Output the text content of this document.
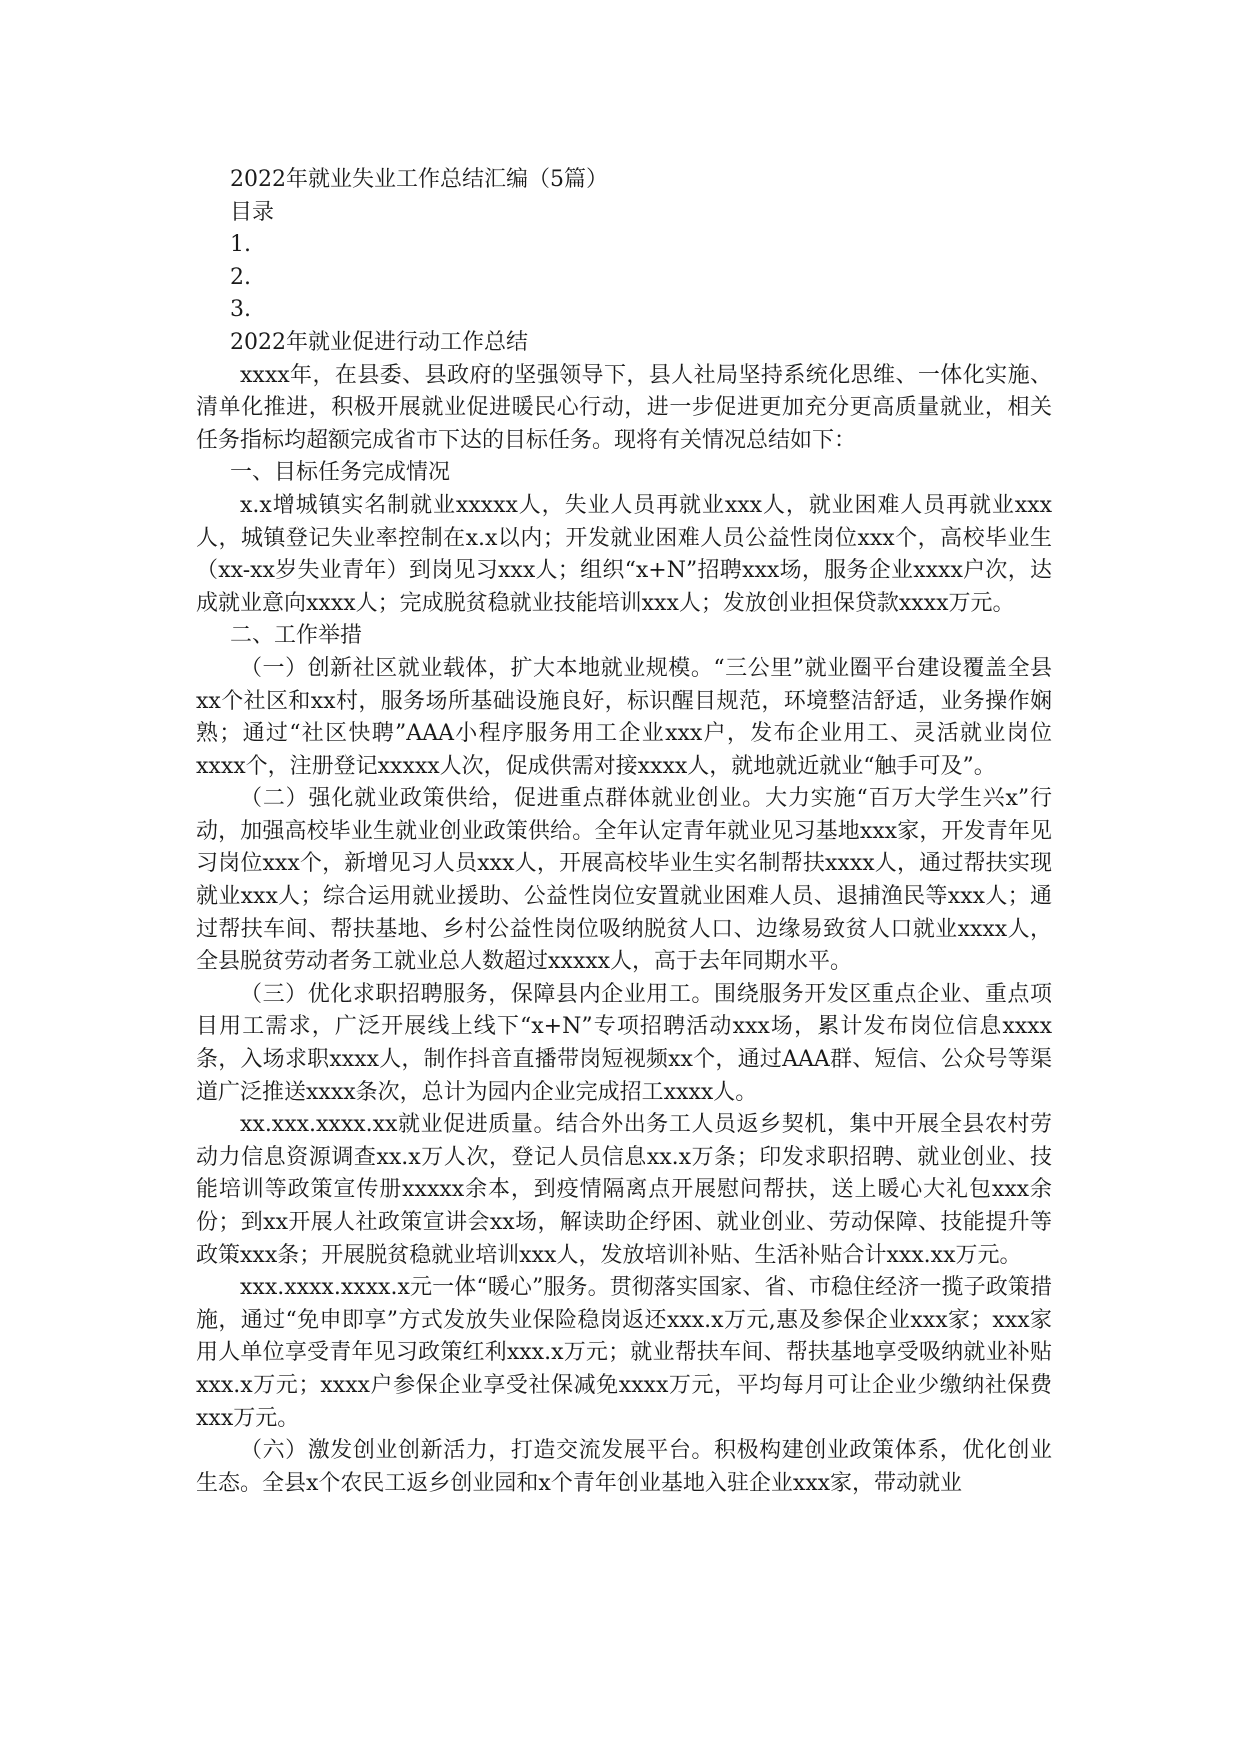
2022年就业失业工作总结汇编（5篇）

目录

1.

2.

3.

2022年就业促进行动工作总结

xxxx年，在县委、县政府的坚强领导下，县人社局坚持系统化思维、一体化实施、清单化推进，积极开展就业促进暖民心行动，进一步促进更加充分更高质量就业，相关任务指标均超额完成省市下达的目标任务。现将有关情况总结如下：

一、目标任务完成情况

x.x增城镇实名制就业xxxxx人，失业人员再就业xxx人，就业困难人员再就业xxx人，城镇登记失业率控制在x.x以内；开发就业困难人员公益性岗位xxx个，高校毕业生（xx-xx岁失业青年）到岗见习xxx人；组织“x+N”招聘xxx场，服务企业xxxx户次，达成就业意向xxxx人；完成脱贫稳就业技能培训xxx人；发放创业担保贷款xxxx万元。

二、工作举措

（一）创新社区就业载体，扩大本地就业规模。“三公里”就业圈平台建设覆盖全县xx个社区和xx村，服务场所基础设施良好，标识醒目规范，环境整洁舒适，业务操作娴熟；通过“社区快聘”AAA小程序服务用工企业xxx户，发布企业用工、灵活就业岗位xxxx个，注册登记xxxxx人次，促成供需对接xxxx人，就地就近就业“触手可及”。

（二）强化就业政策供给，促进重点群体就业创业。大力实施“百万大学生兴x”行动，加强高校毕业生就业创业政策供给。全年认定青年就业见习基地xxx家，开发青年见习岗位xxx个，新增见习人员xxx人，开展高校毕业生实名制帮扶xxxx人，通过帮扶实现就业xxx人；综合运用就业援助、公益性岗位安置就业困难人员、退捕渔民等xxx人；通过帮扶车间、帮扶基地、乡村公益性岗位吸纳脱贫人口、边缘易致贫人口就业xxxx人，全县脱贫劳动者务工就业总人数超过xxxxx人，高于去年同期水平。

（三）优化求职招聘服务，保障县内企业用工。围绕服务开发区重点企业、重点项目用工需求，广泛开展线上线下“x+N”专项招聘活动xxx场，累计发布岗位信息xxxx条，入场求职xxxx人，制作抖音直播带岗短视频xx个，通过AAA群、短信、公众号等渠道广泛推送xxxx条次，总计为园内企业完成招工xxxx人。

xx.xxx.xxxx.xx就业促进质量。结合外出务工人员返乡契机，集中开展全县农村劳动力信息资源调查xx.x万人次，登记人员信息xx.x万条；印发求职招聘、就业创业、技能培训等政策宣传册xxxxx余本，到疫情隔离点开展慰问帮扶，送上暖心大礼包xxx余份；到xx开展人社政策宣讲会xx场，解读助企纾困、就业创业、劳动保障、技能提升等政策xxx条；开展脱贫稳就业培训xxx人，发放培训补贴、生活补贴合计xxx.xx万元。

xxx.xxxx.xxxx.x元一体“暖心”服务。贯彻落实国家、省、市稳住经济一揽子政策措施，通过“免申即享”方式发放失业保险稳岗返还xxx.x万元,惠及参保企业xxx家；xxx家用人单位享受青年见习政策红利xxx.x万元；就业帮扶车间、帮扶基地享受吸纳就业补贴xxx.x万元；xxxx户参保企业享受社保减免xxxx万元，平均每月可让企业少缴纳社保费xxx万元。

（六）激发创业创新活力，打造交流发展平台。积极构建创业政策体系，优化创业生态。全县x个农民工返乡创业园和x个青年创业基地入驻企业xxx家，带动就业
